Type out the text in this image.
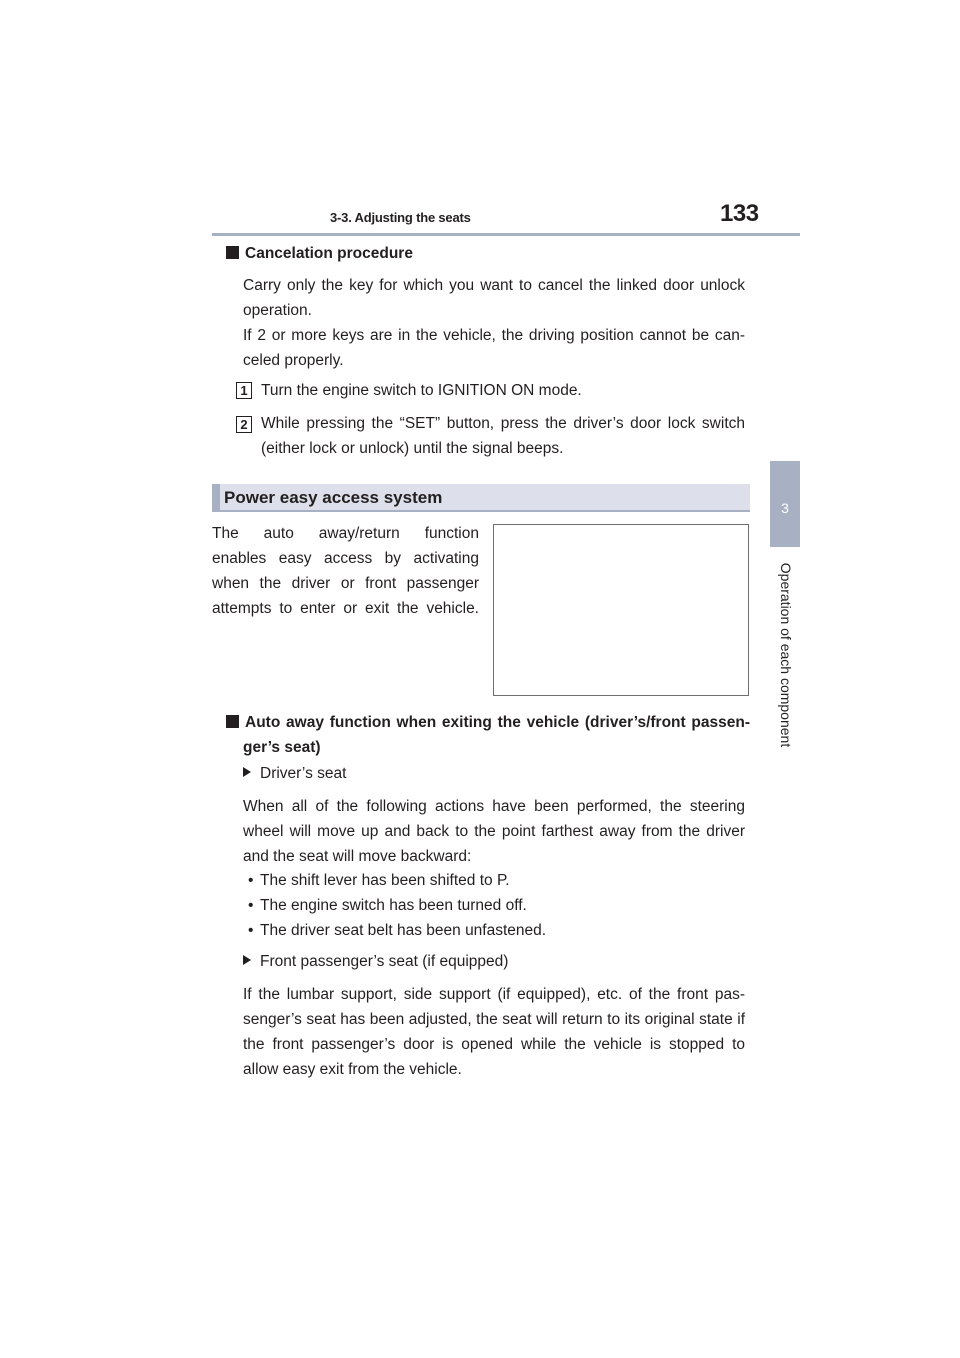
3-3. Adjusting the seats	133
3
Operation of each component
Cancelation procedure
Carry only the key for which you want to cancel the linked door unlock
operation.
If 2 or more keys are in the vehicle, the driving position cannot be can-
celed properly.
1 Turn the engine switch to IGNITION ON mode.
2 While pressing the “SET” button, press the driver’s door lock switch
(either lock or unlock) until the signal beeps.
Power easy access system
The auto away/return function
enables easy access by activating
when the driver or front passenger
attempts to enter or exit the vehicle.
Auto away function when exiting the vehicle (driver’s/front passen-
ger’s seat)
Driver’s seat
When all of the following actions have been performed, the steering
wheel will move up and back to the point farthest away from the driver
and the seat will move backward:
• The shift lever has been shifted to P.
• The engine switch has been turned off.
• The driver seat belt has been unfastened.
Front passenger’s seat (if equipped)
If the lumbar support, side support (if equipped), etc. of the front pas-
senger’s seat has been adjusted, the seat will return to its original state if
the front passenger’s door is opened while the vehicle is stopped to
allow easy exit from the vehicle.
